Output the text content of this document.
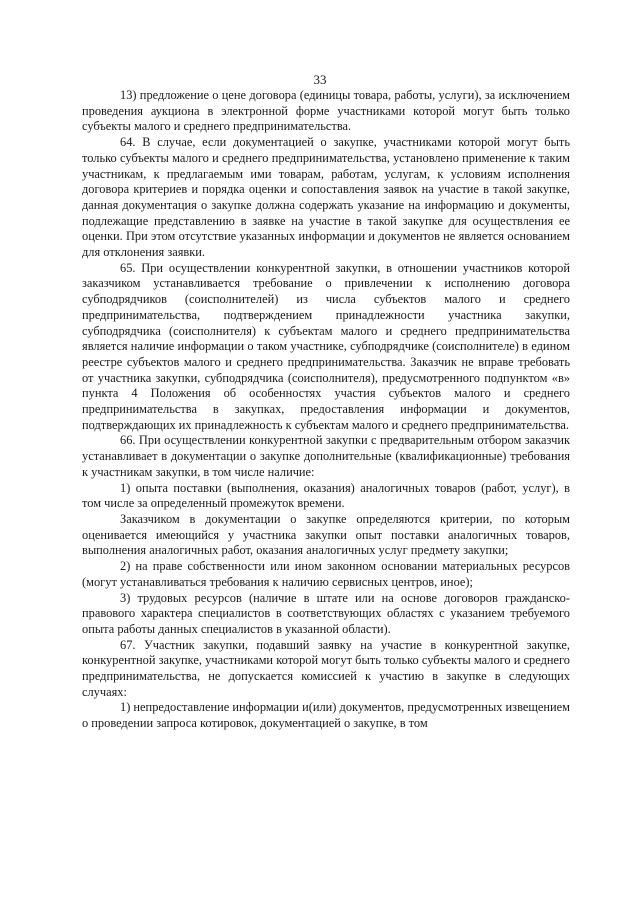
33

13) предложение о цене договора (единицы товара, работы, услуги), за исключением проведения аукциона в электронной форме участниками которой могут быть только субъекты малого и среднего предпринимательства.

64. В случае, если документацией о закупке, участниками которой могут быть только субъекты малого и среднего предпринимательства, установлено применение к таким участникам, к предлагаемым ими товарам, работам, услугам, к условиям исполнения договора критериев и порядка оценки и сопоставления заявок на участие в такой закупке, данная документация о закупке должна содержать указание на информацию и документы, подлежащие представлению в заявке на участие в такой закупке для осуществления ее оценки. При этом отсутствие указанных информации и документов не является основанием для отклонения заявки.

65. При осуществлении конкурентной закупки, в отношении участников которой заказчиком устанавливается требование о привлечении к исполнению договора субподрядчиков (соисполнителей) из числа субъектов малого и среднего предпринимательства, подтверждением принадлежности участника закупки, субподрядчика (соисполнителя) к субъектам малого и среднего предпринимательства является наличие информации о таком участнике, субподрядчике (соисполнителе) в едином реестре субъектов малого и среднего предпринимательства. Заказчик не вправе требовать от участника закупки, субподрядчика (соисполнителя), предусмотренного подпунктом «в» пункта 4 Положения об особенностях участия субъектов малого и среднего предпринимательства в закупках, предоставления информации и документов, подтверждающих их принадлежность к субъектам малого и среднего предпринимательства.

66. При осуществлении конкурентной закупки с предварительным отбором заказчик устанавливает в документации о закупке дополнительные (квалификационные) требования к участникам закупки, в том числе наличие:

1) опыта поставки (выполнения, оказания) аналогичных товаров (работ, услуг), в том числе за определенный промежуток времени.

Заказчиком в документации о закупке определяются критерии, по которым оценивается имеющийся у участника закупки опыт поставки аналогичных товаров, выполнения аналогичных работ, оказания аналогичных услуг предмету закупки;

2) на праве собственности или ином законном основании материальных ресурсов (могут устанавливаться требования к наличию сервисных центров, иное);

3) трудовых ресурсов (наличие в штате или на основе договоров гражданско-правового характера специалистов в соответствующих областях с указанием требуемого опыта работы данных специалистов в указанной области).

67. Участник закупки, подавший заявку на участие в конкурентной закупке, конкурентной закупке, участниками которой могут быть только субъекты малого и среднего предпринимательства, не допускается комиссией к участию в закупке в следующих случаях:

1) непредоставление информации и(или) документов, предусмотренных извещением о проведении запроса котировок, документацией о закупке, в том
